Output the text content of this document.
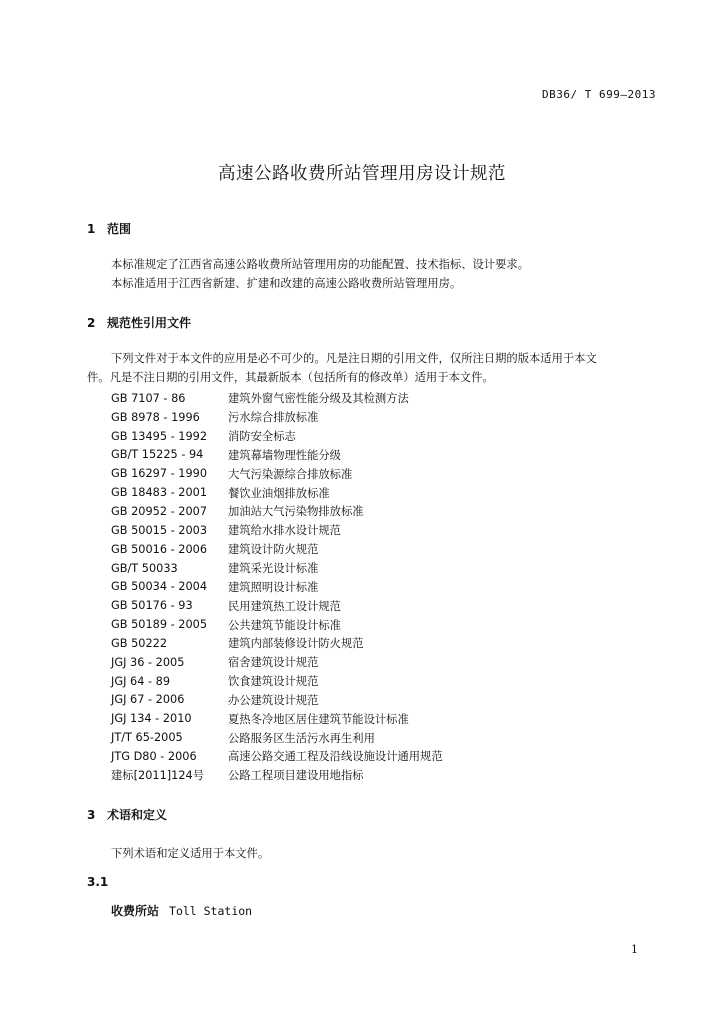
DB36/ T 699—2013
高速公路收费所站管理用房设计规范
1 范围
本标准规定了江西省高速公路收费所站管理用房的功能配置、技术指标、设计要求。
本标准适用于江西省新建、扩建和改建的高速公路收费所站管理用房。
2 规范性引用文件
下列文件对于本文件的应用是必不可少的。凡是注日期的引用文件，仅所注日期的版本适用于本文
件。凡是不注日期的引用文件，其最新版本（包括所有的修改单）适用于本文件。
GB 7107 - 86	建筑外窗气密性能分级及其检测方法
GB 8978 - 1996	污水综合排放标准
GB 13495 - 1992	消防安全标志
GB/T 15225 - 94	建筑幕墙物理性能分级
GB 16297 - 1990	大气污染源综合排放标准
GB 18483 - 2001	餐饮业油烟排放标准
GB 20952 - 2007	加油站大气污染物排放标准
GB 50015 - 2003	建筑给水排水设计规范
GB 50016 - 2006	建筑设计防火规范
GB/T 50033	建筑采光设计标准
GB 50034 - 2004	建筑照明设计标准
GB 50176 - 93	民用建筑热工设计规范
GB 50189 - 2005	公共建筑节能设计标准
GB 50222	建筑内部装修设计防火规范
JGJ 36 - 2005	宿舍建筑设计规范
JGJ 64 - 89	饮食建筑设计规范
JGJ 67 - 2006	办公建筑设计规范
JGJ 134 - 2010	夏热冬冷地区居住建筑节能设计标准
JT/T 65-2005	公路服务区生活污水再生利用
JTG D80 - 2006	高速公路交通工程及沿线设施设计通用规范
建标[2011]124号	公路工程项目建设用地指标
3 术语和定义
下列术语和定义适用于本文件。
3.1
收费所站 Toll Station
1
